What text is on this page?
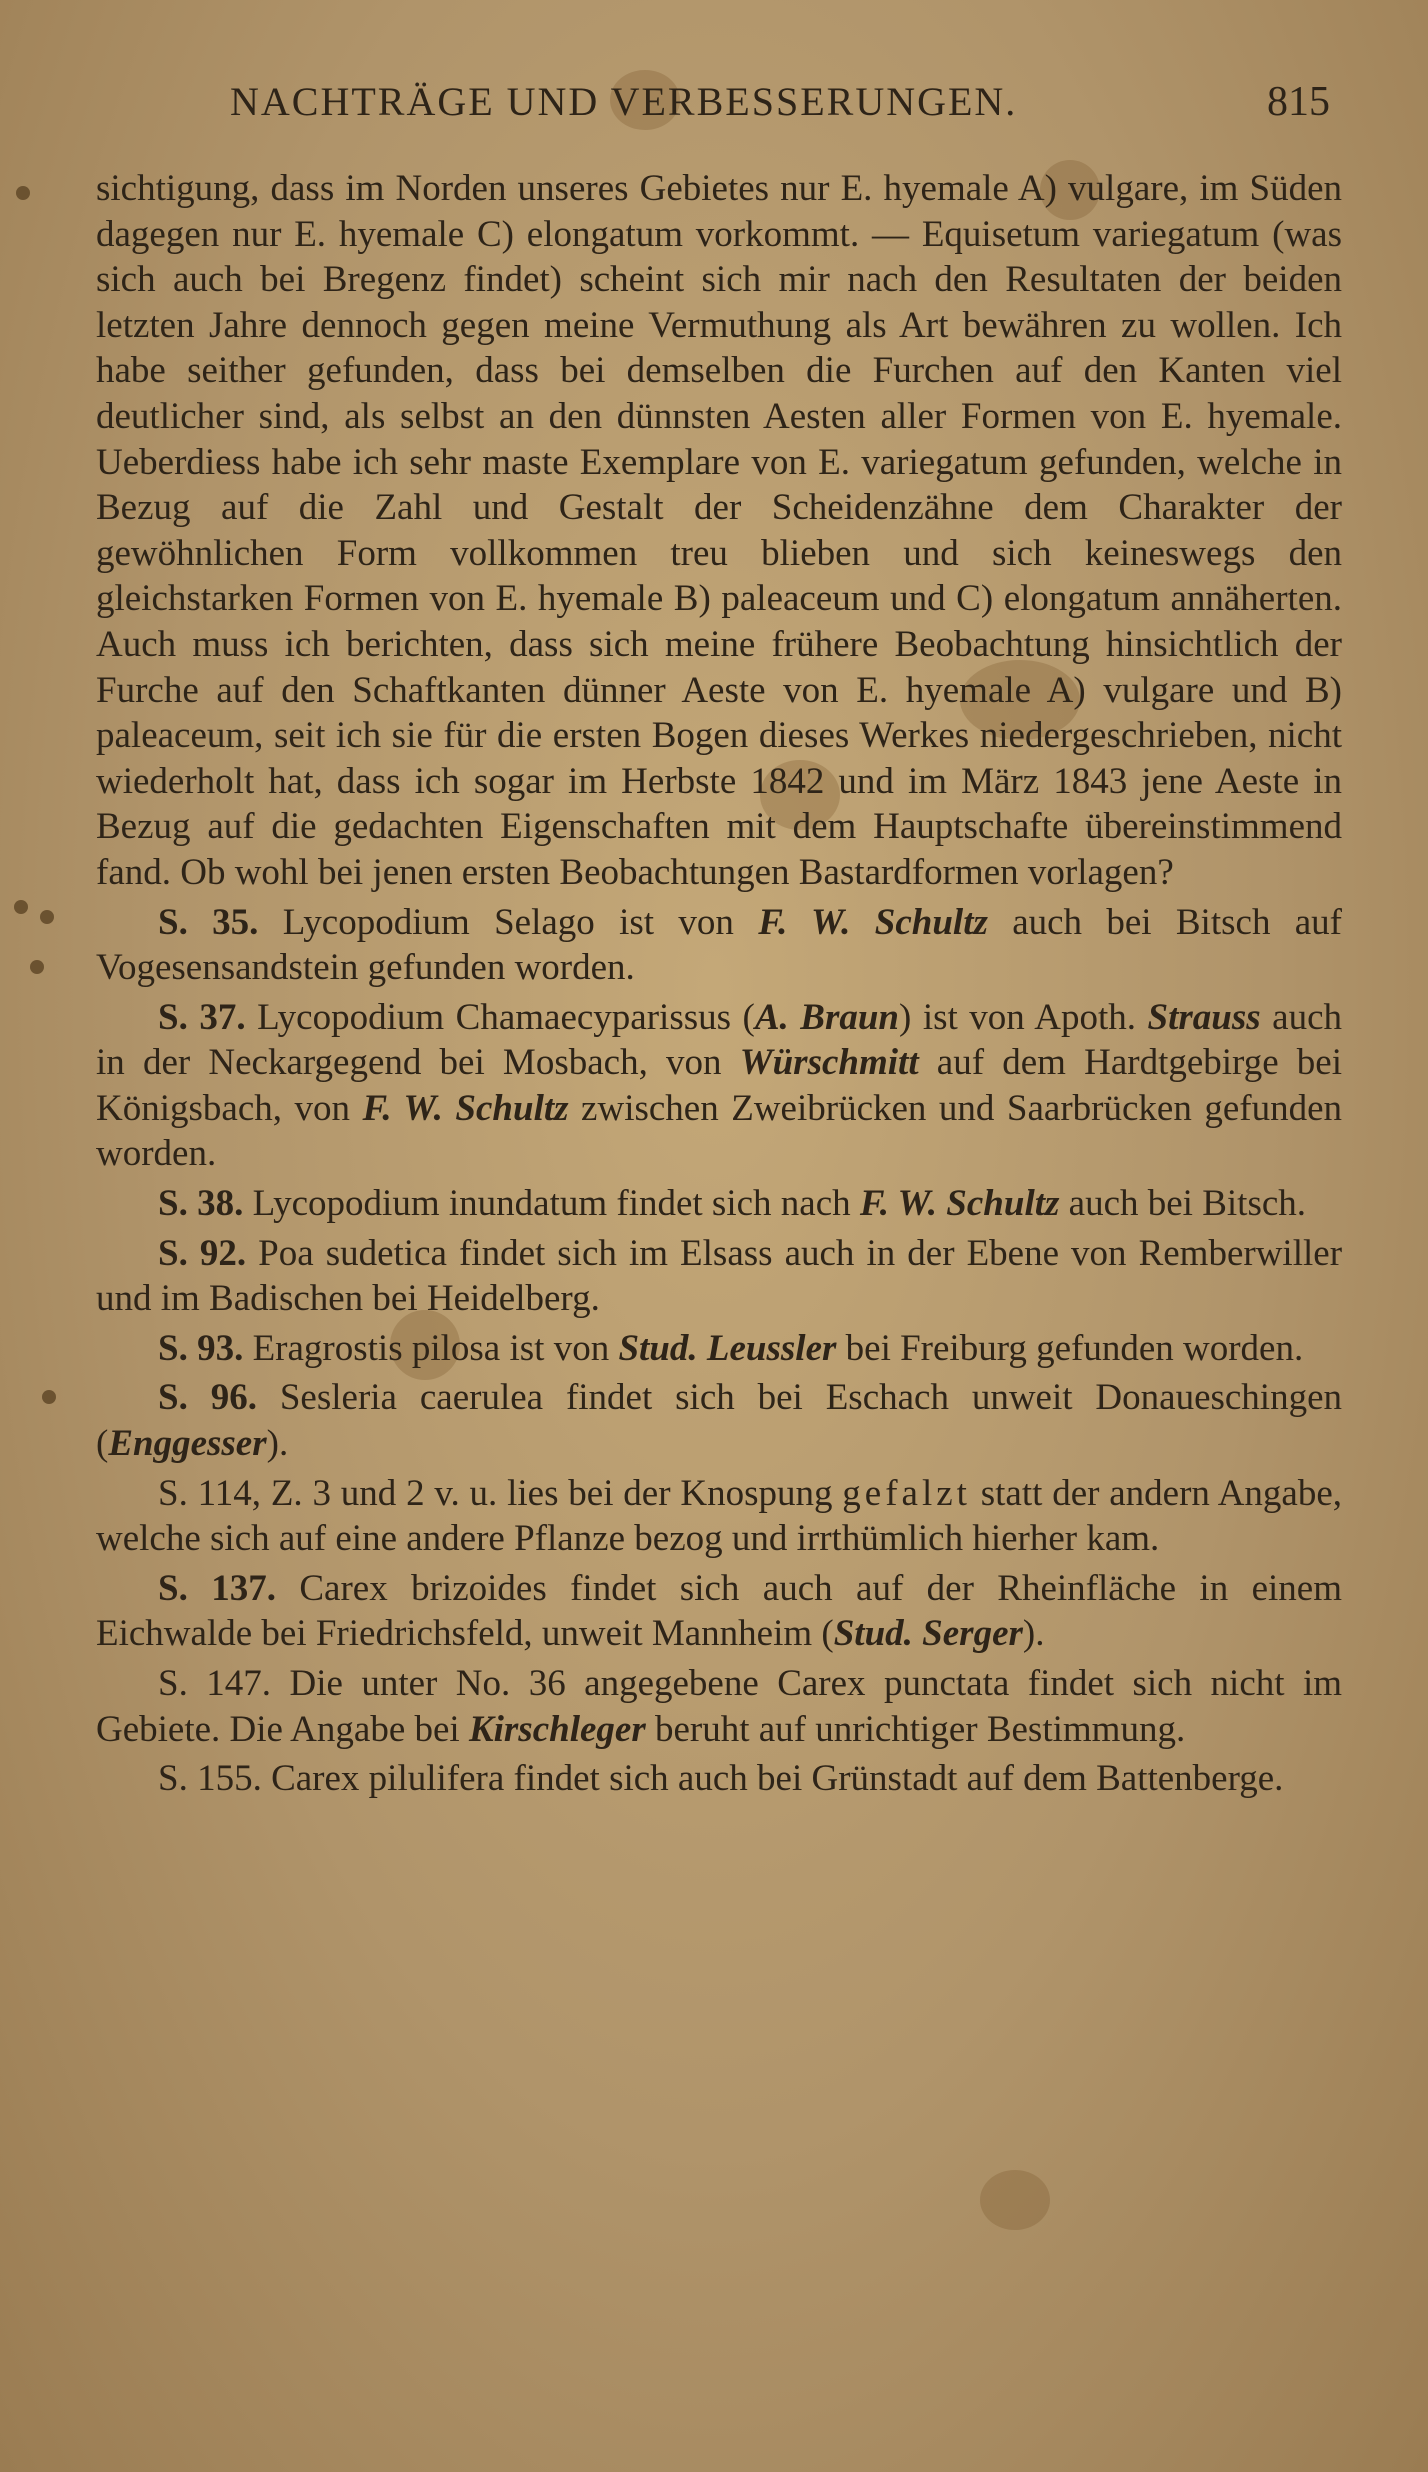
NACHTRÄGE UND VERBESSERUNGEN.	815

sichtigung, dass im Norden unseres Gebietes nur E. hyemale A) vulgare, im Süden dagegen nur E. hyemale C) elongatum vorkommt. — Equisetum variegatum (was sich auch bei Bregenz findet) scheint sich mir nach den Resultaten der beiden letzten Jahre dennoch gegen meine Vermuthung als Art bewähren zu wollen. Ich habe seither gefunden, dass bei demselben die Furchen auf den Kanten viel deutlicher sind, als selbst an den dünnsten Aesten aller Formen von E. hyemale. Ueberdiess habe ich sehr maste Exemplare von E. variegatum gefunden, welche in Bezug auf die Zahl und Gestalt der Scheidenzähne dem Charakter der gewöhnlichen Form vollkommen treu blieben und sich keineswegs den gleichstarken Formen von E. hyemale B) paleaceum und C) elongatum annäherten. Auch muss ich berichten, dass sich meine frühere Beobachtung hinsichtlich der Furche auf den Schaftkanten dünner Aeste von E. hyemale A) vulgare und B) paleaceum, seit ich sie für die ersten Bogen dieses Werkes niedergeschrieben, nicht wiederholt hat, dass ich sogar im Herbste 1842 und im März 1843 jene Aeste in Bezug auf die gedachten Eigenschaften mit dem Hauptschafte übereinstimmend fand. Ob wohl bei jenen ersten Beobachtungen Bastardformen vorlagen?

S. 35. Lycopodium Selago ist von F. W. Schultz auch bei Bitsch auf Vogesensandstein gefunden worden.

S. 37. Lycopodium Chamaecyparissus (A. Braun) ist von Apoth. Strauss auch in der Neckargegend bei Mosbach, von Würschmitt auf dem Hardtgebirge bei Königsbach, von F. W. Schultz zwischen Zweibrücken und Saarbrücken gefunden worden.

S. 38. Lycopodium inundatum findet sich nach F. W. Schultz auch bei Bitsch.

S. 92. Poa sudetica findet sich im Elsass auch in der Ebene von Remberwiller und im Badischen bei Heidelberg.

S. 93. Eragrostis pilosa ist von Stud. Leussler bei Freiburg gefunden worden.

S. 96. Sesleria caerulea findet sich bei Eschach unweit Donaueschingen (Enggesser).

S. 114, Z. 3 und 2 v. u. lies bei der Knospung gefalzt statt der andern Angabe, welche sich auf eine andere Pflanze bezog und irrthümlich hierher kam.

S. 137. Carex brizoides findet sich auch auf der Rheinfläche in einem Eichwalde bei Friedrichsfeld, unweit Mannheim (Stud. Serger).

S. 147. Die unter No. 36 angegebene Carex punctata findet sich nicht im Gebiete. Die Angabe bei Kirschleger beruht auf unrichtiger Bestimmung.

S. 155. Carex pilulifera findet sich auch bei Grünstadt auf dem Battenberge.
